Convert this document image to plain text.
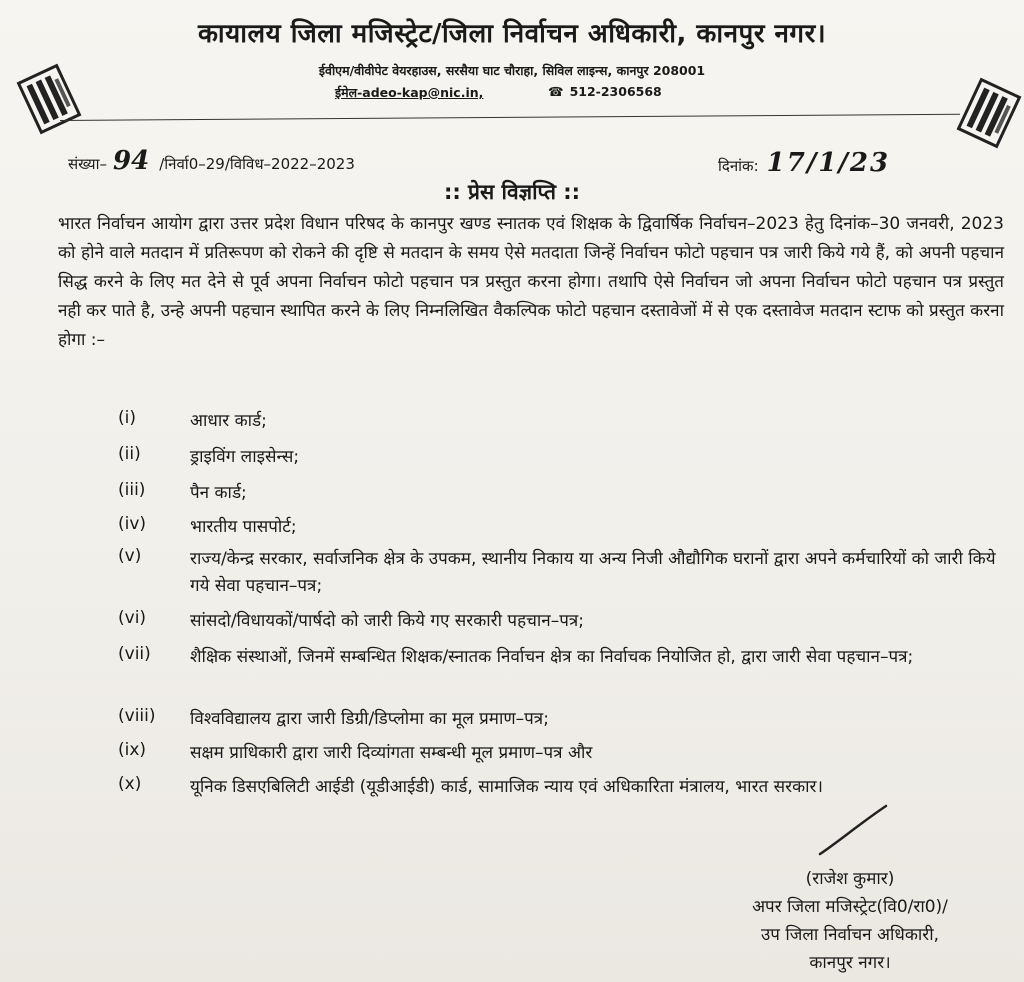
कायालय जिला मजिस्ट्रेट/जिला निर्वाचन अधिकारी, कानपुर नगर।
ईवीएम/वीवीपेट वेयरहाउस, सरसैया घाट चौराहा, सिविल लाइन्स, कानपुर 208001
ईमेल-adeo-kap@nic.in,	☎ 512-2306568
संख्या– 94 /निर्वा0–29/विविध–2022–2023	दिनांक: 17/1/23
:: प्रेस विज्ञप्ति ::
भारत निर्वाचन आयोग द्वारा उत्तर प्रदेश विधान परिषद के कानपुर खण्ड स्नातक एवं शिक्षक के द्विवार्षिक निर्वाचन–2023 हेतु दिनांक–30 जनवरी, 2023 को होने वाले मतदान में प्रतिरूपण को रोकने की दृष्टि से मतदान के समय ऐसे मतदाता जिन्हें निर्वाचन फोटो पहचान पत्र जारी किये गये हैं, को अपनी पहचान सिद्ध करने के लिए मत देने से पूर्व अपना निर्वाचन फोटो पहचान पत्र प्रस्तुत करना होगा। तथापि ऐसे निर्वाचन जो अपना निर्वाचन फोटो पहचान पत्र प्रस्तुत नही कर पाते है, उन्हे अपनी पहचान स्थापित करने के लिए निम्नलिखित वैकल्पिक फोटो पहचान दस्तावेजों में से एक दस्तावेज मतदान स्टाफ को प्रस्तुत करना होगा :–
(i)	आधार कार्ड;
(ii)	ड्राइविंग लाइसेन्स;
(iii)	पैन कार्ड;
(iv)	भारतीय पासपोर्ट;
(v)	राज्य/केन्द्र सरकार, सर्वाजनिक क्षेत्र के उपकम, स्थानीय निकाय या अन्य निजी औद्यौगिक घरानों द्वारा अपने कर्मचारियों को जारी किये गये सेवा पहचान–पत्र;
(vi)	सांसदो/विधायकों/पार्षदो को जारी किये गए सरकारी पहचान–पत्र;
(vii)	शैक्षिक संस्थाओं, जिनमें सम्बन्धित शिक्षक/स्नातक निर्वाचन क्षेत्र का निर्वाचक नियोजित हो, द्वारा जारी सेवा पहचान–पत्र;
(viii)	विश्वविद्यालय द्वारा जारी डिग्री/डिप्लोमा का मूल प्रमाण–पत्र;
(ix)	सक्षम प्राधिकारी द्वारा जारी दिव्यांगता सम्बन्धी मूल प्रमाण–पत्र और
(x)	यूनिक डिसएबिलिटी आईडी (यूडीआईडी) कार्ड, सामाजिक न्याय एवं अधिकारिता मंत्रालय, भारत सरकार।
(राजेश कुमार)
अपर जिला मजिस्ट्रेट(वि0/रा0)/
उप जिला निर्वाचन अधिकारी,
कानपुर नगर।
